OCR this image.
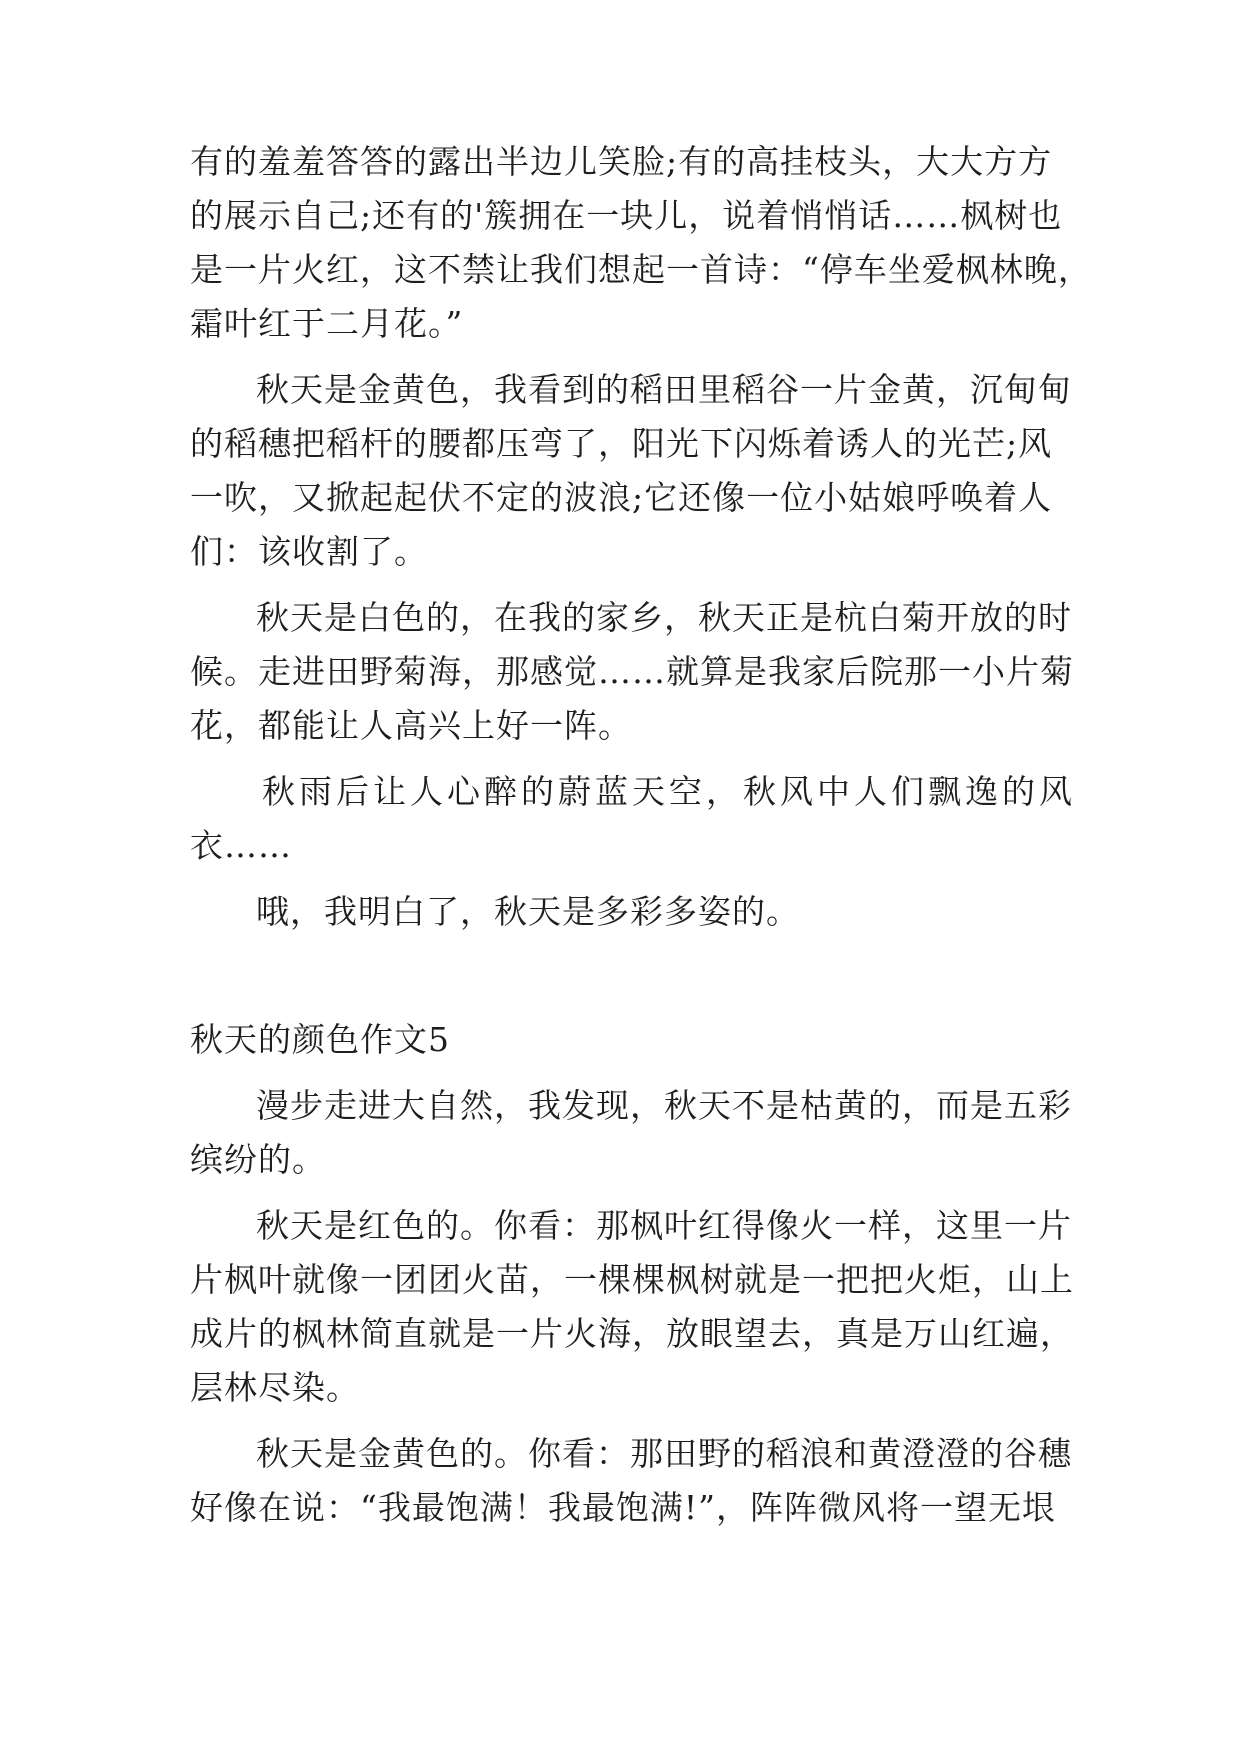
有的羞羞答答的露出半边儿笑脸;有的高挂枝头，大大方方
的展示自己;还有的'簇拥在一块儿，说着悄悄话……枫树也
是一片火红，这不禁让我们想起一首诗：“停车坐爱枫林晚，
霜叶红于二月花。”
秋天是金黄色，我看到的稻田里稻谷一片金黄，沉甸甸
的稻穗把稻杆的腰都压弯了，阳光下闪烁着诱人的光芒;风
一吹，又掀起起伏不定的波浪;它还像一位小姑娘呼唤着人
们：该收割了。
秋天是白色的，在我的家乡，秋天正是杭白菊开放的时
候。走进田野菊海，那感觉……就算是我家后院那一小片菊
花，都能让人高兴上好一阵。
秋雨后让人心醉的蔚蓝天空，秋风中人们飘逸的风
衣……
哦，我明白了，秋天是多彩多姿的。
秋天的颜色作文5
漫步走进大自然，我发现，秋天不是枯黄的，而是五彩
缤纷的。
秋天是红色的。你看：那枫叶红得像火一样，这里一片
片枫叶就像一团团火苗，一棵棵枫树就是一把把火炬，山上
成片的枫林简直就是一片火海，放眼望去，真是万山红遍，
层林尽染。
秋天是金黄色的。你看：那田野的稻浪和黄澄澄的谷穗
好像在说：“我最饱满！我最饱满!”，阵阵微风将一望无垠
